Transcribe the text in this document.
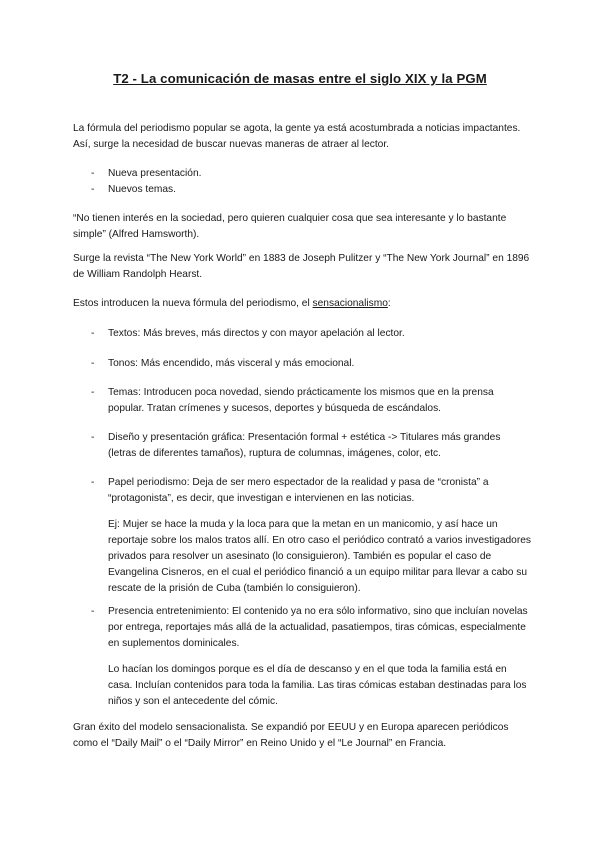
T2 - La comunicación de masas entre el siglo XIX y la PGM
La fórmula del periodismo popular se agota, la gente ya está acostumbrada a noticias impactantes. Así, surge la necesidad de buscar nuevas maneras de atraer al lector.
- Nueva presentación.
- Nuevos temas.
“No tienen interés en la sociedad, pero quieren cualquier cosa que sea interesante y lo bastante simple” (Alfred Hamsworth).
Surge la revista “The New York World” en 1883 de Joseph Pulitzer y “The New York Journal” en 1896 de William Randolph Hearst.
Estos introducen la nueva fórmula del periodismo, el sensacionalismo:
- Textos: Más breves, más directos y con mayor apelación al lector.
- Tonos: Más encendido, más visceral y más emocional.
- Temas: Introducen poca novedad, siendo prácticamente los mismos que en la prensa popular. Tratan crímenes y sucesos, deportes y búsqueda de escándalos.
- Diseño y presentación gráfica: Presentación formal + estética -> Titulares más grandes (letras de diferentes tamaños), ruptura de columnas, imágenes, color, etc.
- Papel periodismo: Deja de ser mero espectador de la realidad y pasa de “cronista” a “protagonista”, es decir, que investigan e intervienen en las noticias.
Ej: Mujer se hace la muda y la loca para que la metan en un manicomio, y así hace un reportaje sobre los malos tratos allí. En otro caso el periódico contrató a varios investigadores privados para resolver un asesinato (lo consiguieron). También es popular el caso de Evangelina Cisneros, en el cual el periódico financió a un equipo militar para llevar a cabo su rescate de la prisión de Cuba (también lo consiguieron).
- Presencia entretenimiento: El contenido ya no era sólo informativo, sino que incluían novelas por entrega, reportajes más allá de la actualidad, pasatiempos, tiras cómicas, especialmente en suplementos dominicales.
Lo hacían los domingos porque es el día de descanso y en el que toda la familia está en casa. Incluían contenidos para toda la familia. Las tiras cómicas estaban destinadas para los niños y son el antecedente del cómic.
Gran éxito del modelo sensacionalista. Se expandió por EEUU y en Europa aparecen periódicos como el “Daily Mail” o el “Daily Mirror” en Reino Unido y el “Le Journal” en Francia.
